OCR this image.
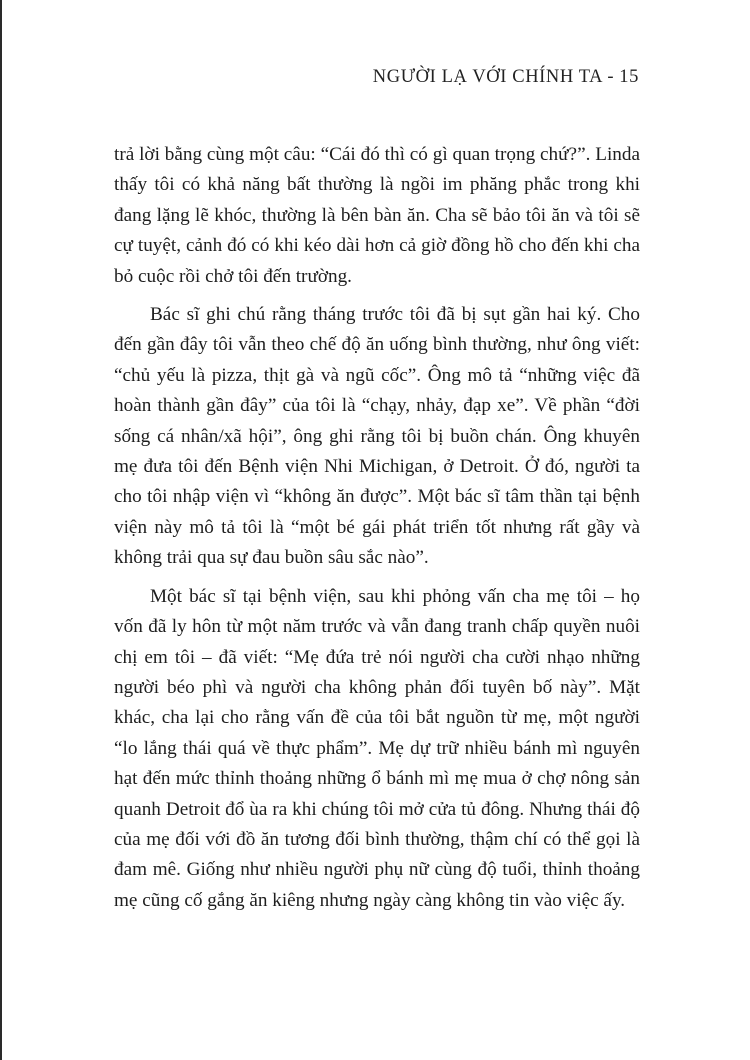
NGƯỜI LẠ VỚI CHÍNH TA - 15

trả lời bằng cùng một câu: “Cái đó thì có gì quan trọng chứ?”. Linda thấy tôi có khả năng bất thường là ngồi im phăng phắc trong khi đang lặng lẽ khóc, thường là bên bàn ăn. Cha sẽ bảo tôi ăn và tôi sẽ cự tuyệt, cảnh đó có khi kéo dài hơn cả giờ đồng hồ cho đến khi cha bỏ cuộc rồi chở tôi đến trường.

Bác sĩ ghi chú rằng tháng trước tôi đã bị sụt gần hai ký. Cho đến gần đây tôi vẫn theo chế độ ăn uống bình thường, như ông viết: “chủ yếu là pizza, thịt gà và ngũ cốc”. Ông mô tả “những việc đã hoàn thành gần đây” của tôi là “chạy, nhảy, đạp xe”. Về phần “đời sống cá nhân/xã hội”, ông ghi rằng tôi bị buồn chán. Ông khuyên mẹ đưa tôi đến Bệnh viện Nhi Michigan, ở Detroit. Ở đó, người ta cho tôi nhập viện vì “không ăn được”. Một bác sĩ tâm thần tại bệnh viện này mô tả tôi là “một bé gái phát triển tốt nhưng rất gầy và không trải qua sự đau buồn sâu sắc nào”.

Một bác sĩ tại bệnh viện, sau khi phỏng vấn cha mẹ tôi – họ vốn đã ly hôn từ một năm trước và vẫn đang tranh chấp quyền nuôi chị em tôi – đã viết: “Mẹ đứa trẻ nói người cha cười nhạo những người béo phì và người cha không phản đối tuyên bố này”. Mặt khác, cha lại cho rằng vấn đề của tôi bắt nguồn từ mẹ, một người “lo lắng thái quá về thực phẩm”. Mẹ dự trữ nhiều bánh mì nguyên hạt đến mức thỉnh thoảng những ổ bánh mì mẹ mua ở chợ nông sản quanh Detroit đổ ùa ra khi chúng tôi mở cửa tủ đông. Nhưng thái độ của mẹ đối với đồ ăn tương đối bình thường, thậm chí có thể gọi là đam mê. Giống như nhiều người phụ nữ cùng độ tuổi, thỉnh thoảng mẹ cũng cố gắng ăn kiêng nhưng ngày càng không tin vào việc ấy.
